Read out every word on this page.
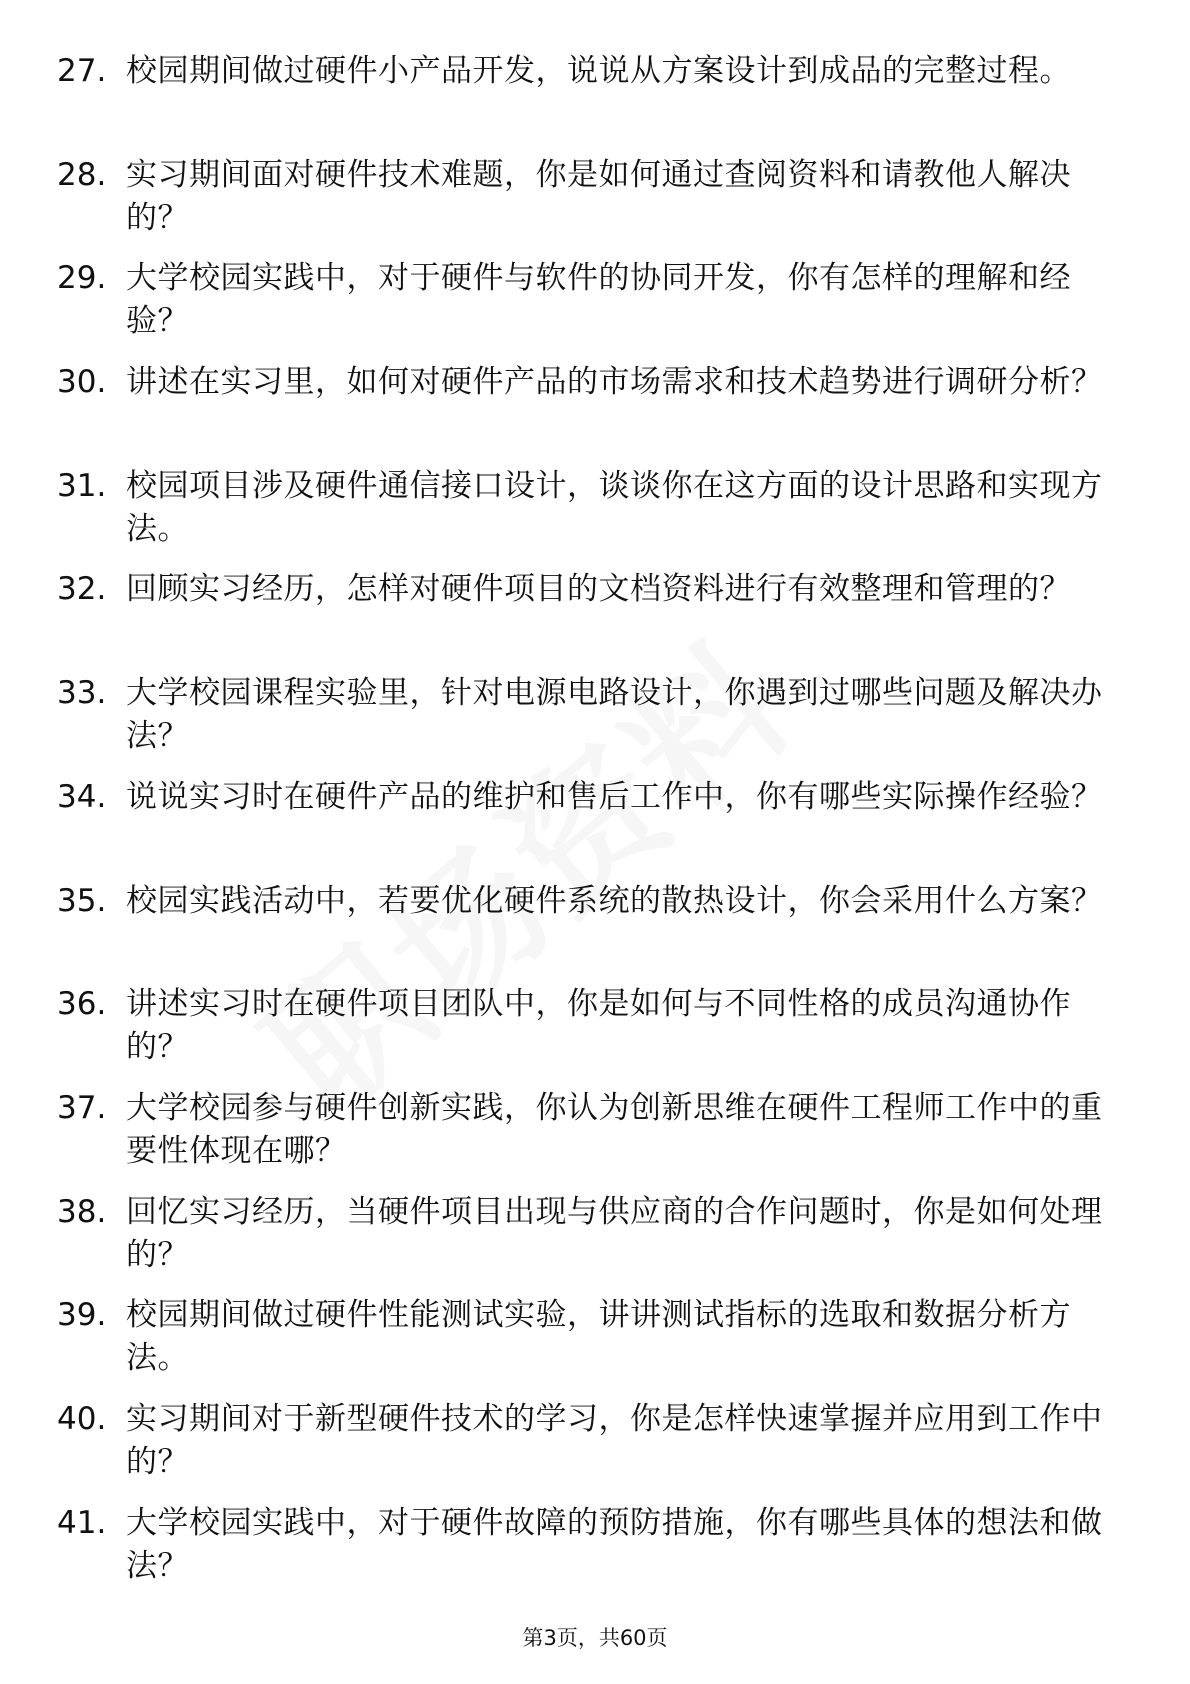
27. 校园期间做过硬件小产品开发，说说从方案设计到成品的完整过程。
28. 实习期间面对硬件技术难题，你是如何通过查阅资料和请教他人解决的？
29. 大学校园实践中，对于硬件与软件的协同开发，你有怎样的理解和经验？
30. 讲述在实习里，如何对硬件产品的市场需求和技术趋势进行调研分析？
31. 校园项目涉及硬件通信接口设计，谈谈你在这方面的设计思路和实现方法。
32. 回顾实习经历，怎样对硬件项目的文档资料进行有效整理和管理的？
33. 大学校园课程实验里，针对电源电路设计，你遇到过哪些问题及解决办法？
34. 说说实习时在硬件产品的维护和售后工作中，你有哪些实际操作经验？
35. 校园实践活动中，若要优化硬件系统的散热设计，你会采用什么方案？
36. 讲述实习时在硬件项目团队中，你是如何与不同性格的成员沟通协作的？
37. 大学校园参与硬件创新实践，你认为创新思维在硬件工程师工作中的重要性体现在哪？
38. 回忆实习经历，当硬件项目出现与供应商的合作问题时，你是如何处理的？
39. 校园期间做过硬件性能测试实验，讲讲测试指标的选取和数据分析方法。
40. 实习期间对于新型硬件技术的学习，你是怎样快速掌握并应用到工作中的？
41. 大学校园实践中，对于硬件故障的预防措施，你有哪些具体的想法和做法？
第3页，共60页
